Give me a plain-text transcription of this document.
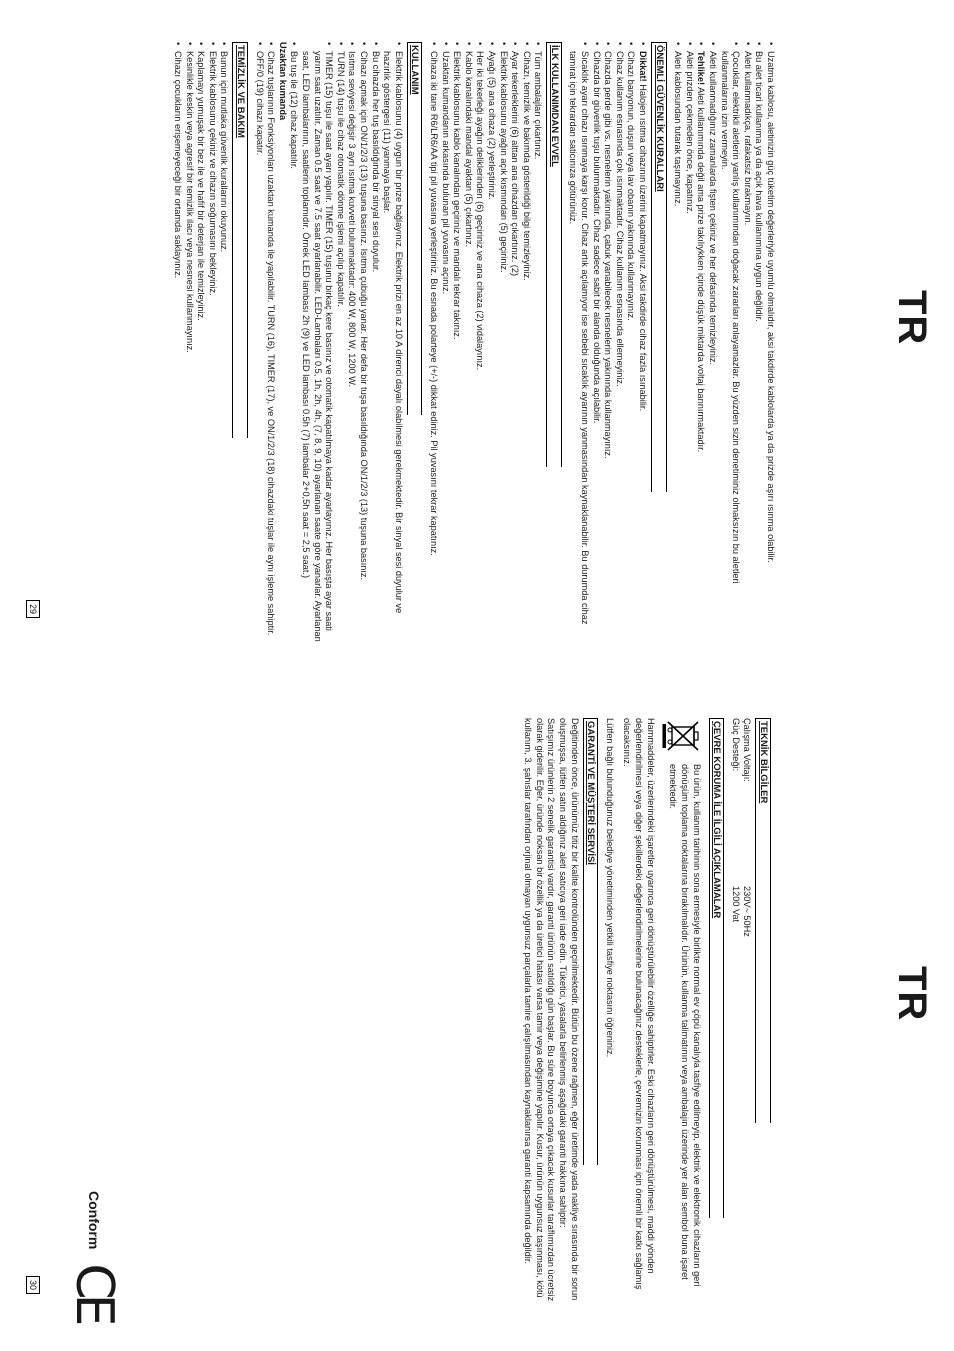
TR
• Uzatma kablosu, aletinizin güç tüketim değerleriyle uyumlu olmalıdır, aksi takdirde kablolarda ya da prizde aşırı ısınma olabilir.
• Bu alet ticari kullanıma ya da açık hava kullanımına uygun değildir.
• Aleti kullanmadıkça, rafakatsiz bırakmayın.
• Çocuklar, elektrikli aletlerin yanlış kullanımından doğacak zararları anlayamazlar. Bu yüzden sizin denetiminiz olmaksızın bu aletleri kullanmalarına izin vermeyin.
• Aleti kullanmadığınız zamanlarda fişten çekiniz ve her defasında temizleyiniz.
• Tehlike! Aleti kullanımında değil ama prize takılıykken içinde düşük miktarda voltaj bannırmaktadır.
• Aleti prizden çekmeden önce, kapatınız.
• Aleti kablosundan tutarak taşımayınız.
ÖNEMLİ GÜVENLİK KURALLARI
• Dikkat! Halojen ısıtma cihazının üzerini kapatmayınız. Aksi takdirde cihaz fazla ısınabilir.
• Cihazı banyonun, duşun veya lav obanın yakınında kullanmayınız.
• Cihaz kullanım esnasında çok ısınmaktadır. Cihaz kullanım esnasında ellemeyiniz.
• Cihazda perde gibi vs. nesnelerin yakınında, çabuk yanabilecek nesnelerin yakınında kullanmayınız.
• Cihazda bir güvenlik tuşu bulunmaktadır. Cihaz sadece sabit bir alanda olduğunda açılabilir.
• Sıcaklık ayarı cihazı ısınmaya karşı korur. Cihaz artık açılamıyor ise sebebi sıcaklık ayarının yanmasından kaynaklanabilir. Bu durumda cihaz tamirat için tekrardan saticınıza götürünüz.
İLK KULLANIMDAN EVVEL
• Tüm ambalajları çıkartınız.
• Cihazı, temizlik ve bakımda gösterildiği bilgi temizleyiniz.
• Ayar tekerleklerini (6) alttan ana cihazdan çıkartınız. (2)
• Elektrik kablosunu ayağın açık kısmından (5) geçiriniz.
• Ayağı (5) ana cihaza (2) yerleştiriniz.
• Her iki tekerleği ayağın deliklerinden (6) geçiriniz ve ana cihaza (2) vidalayınız.
• Kablo kanalındaki mandal ayaktan (5) çıkartınız.
• Elektrik kablosunu kablo kanalından geçiriniz ve mandalı tekrar takınız.
• Uzaktan kumandanın arkasında bulunan pil yuvasını açınız.
• Cihaza iki tane R6/LR6/AA tipi pil yuvasına yerleştiriniz. Bu esnada polarteye (+/-) dikkat ediniz. Pil yuvasını tekrar kapatınız.
KULLANIM
• Elektrik kablosunu (4) uygun bir prize bağlayınız. Elektrik prizi en az 10 A direnci dayalı olabilmesi gerekmektedir. Bir sinyal sesi duyulur ve hazırlık göstergesi (11) yanmaya başlar.
• Bu cihazda her tuş basıldığında bir sinyal sesi duyulur.
• Cihazı açmak için ON/1/2/3 (13) tuşuna basınız. Isıtma çubuğu yanar. Her defa bir tuşa basıldığında ON/1/2/3 (13) tuşuna basınız.
• Isıtma seviyesi değişir 3 ayrı ısıtma kuvveti bulunmaktadır: 400 W, 800 W, 1200 W.
• TURN (14) tuşu ile cihaz otomatik dönme işlemi açılıp kapatılır.
• TIMER (15) tuşu ile saat ayarı yapılır. TIMER (15) tuşunu birkaç kere basınız ve otomatik kapatılmaya kadar ayarlayınız. Her basışta ayar saati yarım saat uzatılır. Zaman 0.5 saat ve 7.5 saat ayarlanabilir. LED-Lambaları 0.5, 1h, 2h, 4h, (7, 8, 9, 10) ayarlanan saate göre yanarlar. Ayarlanan saat, LED lambalarının, saatlerin toplamıdır. Örnek LED lambası 2h (9) ve LED lambası 0.5h (7) lambalar 2+0,5h saat = 2,5 saat.)
• Bu tuş ile (12) cihaz kapatılır.
Uzaktan kumanda
• Cihaz tuşlarının Fonksiyonları uzaktan kumanda ile yapılabilir. TURN (16), TIMER (17), ve ON/1/2/3 (18) cihazdaki tuşlar ile aynı işleme sahiptir.
• OFF/0 (19) cihazı kapatır.
TEMİZLİK VE BAKIM
• Bunun için mutlaka güvenlik kurallarını okuyunuz.
• Elektrik kablosunu çekiniz ve cihazın soğumasını bekleyiniz.
• Kaplamayı yumuşak bir bez ile ve hafif bir deterjan ile temizleyiniz.
• Kesinlikle keskin veya agresif bir temizlik ilacı veya nesnesi kullanmayınız.
• Cihazı çocukların erişemeyeceği bir ortamda saklayınız.
29
TR
TEKNİK BİLGİLER
Çalışma Voltajı:
230V~ 50Hz
Güç Desteği:
1200 Vat
ÇEVRE KORUMA İLE İLGİLİ AÇIKLAMALAR
Bu ürün, kullanım tarihinin sona ermesiyle birlikte normal ev çöpü kanalıyla tasfiye edilmeyip, elektrik ve elektronik cihazların geri dönüşüm toplama noktalarına bırakılmalıdır. Ürünün, kullanma talimatının veya ambalajın üzerinde yer alan sembol buna işaret etmektedir.

Hammaddeler, üzerlerindeki işaretler uyarınca geri dönüştürülebilir özelliğe sahiptirler. Eski cihazların geri dönüştürülmesi, maddi yönden değerlendirilmesi veya diğer şekillerdeki değerlendirilmelerine bulunacağınız desteklerle, çevremizin korunması için önemli bir katkı sağlamış olacaksınız.

Lütfen bağlı bulunduğunuz belediye yönetiminden yetkili tasfiye noktasını öğreniniz.

GARANTİ VE MÜŞTERİ SERVİSİ

Değitimden önce, ürünümüz titiz bir kalite kontrolünden geçirilmektedir. Bütün bu özene rağmen, eğer üretimde yada nakliye sırasında bir sorun oluşmuşsa, lütfen satın aldığınız aleti satıcıya geri iade edin. Tüketici, yasalarla belirlenmiş aşağıdaki garanti hakkına sahiptir:

Satışımız ürünlerin 2 senelik garantisi vardır, garanti ürünün satıldığı gün başlar. Bu süre boyunca ortaya çıkacak kusurlar taraflımızdan ücretsiz olarak giderilir. Eğer, üründe noksan bir özellik ya da üretici hatası varsa tamir veya değişimine yapılır. Kusur, ürünün uygunsuz taşınması, kötü kullanım, 3. şahıslar tarafından orjinal olmayan uygunsuz parçalarla tamire çalışılmasından kaynaklanırsa garanti kapsamında değildir.

Conform
CE
30
